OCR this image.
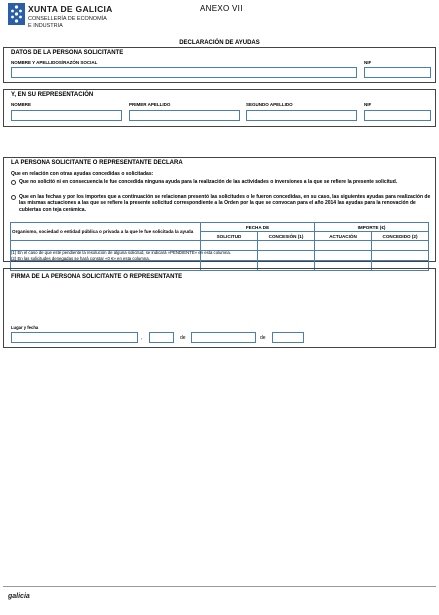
XUNTA DE GALICIA
CONSELLERÍA DE ECONOMÍA
E INDUSTRIA
ANEXO VII
DECLARACIÓN DE AYUDAS
DATOS DE LA PERSONA SOLICITANTE
NOMBRE Y APELLIDOS/RAZÓN SOCIAL	NIF
Y, EN SU REPRESENTACIÓN
NOMBRE	PRIMER APELLIDO	SEGUNDO APELLIDO	NIF
LA PERSONA SOLICITANTE O REPRESENTANTE DECLARA
Que en relación con otras ayudas concedidas o solicitadas:
Que no solicitó ni en consecuencia le fue concedida ninguna ayuda para la realización de las actividades o inversiones a la que se refiere la presente solicitud.
Que en las fechas y por los importes que a continuación se relacionan presentó las solicitudes o le fueron concedidas, en su caso, las siguientes ayudas para realización de las mismas actuaciones a las que se refiere la presente solicitud correspondiente a la Orden por la que se convocan para el año 2014 las ayudas para la renovación de cubiertas con teja cerámica.
Organismo, sociedad o entidad pública o privada a la que le fue solicitada la ayuda	FECHA DE		IMPORTE (€)	
	SOLICITUD	CONCESIÓN (1)	ACTUACIÓN	CONCEDIDO (2)

(1) En el caso de que esté pendiente la resolución de alguna solicitud, se indicará «PENDIENTE» en esta columna.
(2) En las solicitudes denegadas se hará constar «0 €» en esta columna.
FIRMA DE LA PERSONA SOLICITANTE O REPRESENTANTE
Lugar y fecha
,	de	de
galicia
